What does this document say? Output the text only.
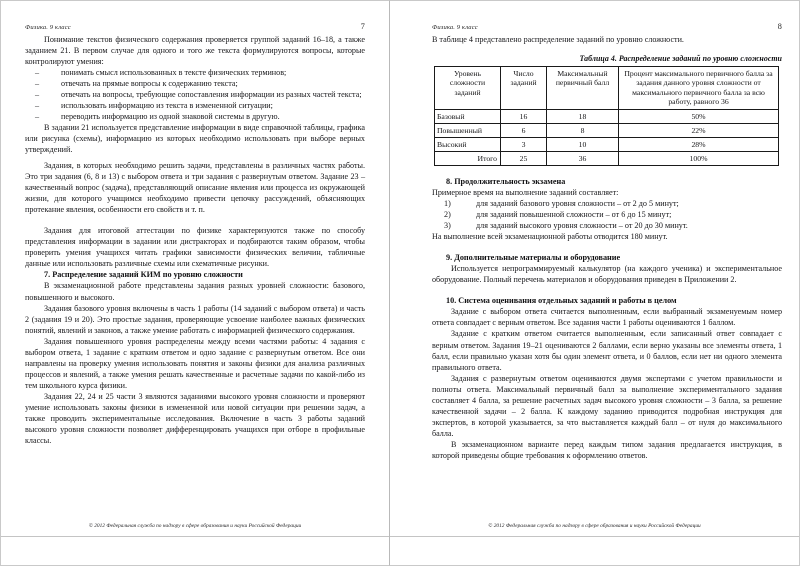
Физика. 9 класс	7

Понимание текстов физического содержания проверяется группой заданий 16–18, а также заданием 21. В первом случае для одного и того же текста формулируются вопросы, которые контролируют умения:

–	понимать смысл использованных в тексте физических терминов;
–	отвечать на прямые вопросы к содержанию текста;
–	отвечать на вопросы, требующие сопоставления информации из разных частей текста;
–	использовать информацию из текста в измененной ситуации;
–	переводить информацию из одной знаковой системы в другую.

В задании 21 используется представление информации в виде справочной таблицы, графика или рисунка (схемы), информацию из которых необходимо использовать при выборе верных утверждений.

Задания, в которых необходимо решить задачи, представлены в различных частях работы. Это три задания (6, 8 и 13) с выбором ответа и три задания с развернутым ответом. Задание 23 – качественный вопрос (задача), представляющий описание явления или процесса из окружающей жизни, для которого учащимся необходимо привести цепочку рассуждений, объясняющих протекание явления, особенности его свойств и т. п.

Задания для итоговой аттестации по физике характеризуются также по способу представления информации в задании или дистракторах и подбираются таким образом, чтобы проверить умения учащихся читать графики зависимости физических величин, табличные данные или использовать различные схемы или схематичные рисунки.

7. Распределение заданий КИМ по уровню сложности

В экзаменационной работе представлены задания разных уровней сложности: базового, повышенного и высокого.

Задания базового уровня включены в часть 1 работы (14 заданий с выбором ответа) и часть 2 (задания 19 и 20). Это простые задания, проверяющие усвоение наиболее важных физических понятий, явлений и законов, а также умение работать с информацией физического содержания.

Задания повышенного уровня распределены между всеми частями работы: 4 задания с выбором ответа, 1 задание с кратким ответом и одно задание с развернутым ответом. Все они направлены на проверку умения использовать понятия и законы физики для анализа различных процессов и явлений, а также умения решать качественные и расчетные задачи по какой-либо из тем школьного курса физики.

Задания 22, 24 и 25 части 3 являются заданиями высокого уровня сложности и проверяют умение использовать законы физики в измененной или новой ситуации при решении задач, а также проводить экспериментальные исследования. Включение в часть 3 работы заданий высокого уровня сложности позволяет дифференцировать учащихся при отборе в профильные классы.

© 2012 Федеральная служба по надзору в сфере образования и науки Российской Федерации
Физика. 9 класс	8

В таблице 4 представлено распределение заданий по уровню сложности.

Таблица 4. Распределение заданий по уровню сложности
Уровень сложности заданий	Число заданий	Максимальный первичный балл	Процент максимального первичного балла за задания данного уровня сложности от максимального первичного балла за всю работу, равного 36
Базовый	16	18	50%
Повышенный	6	8	22%
Высокий	3	10	28%
Итого	25	36	100%
8. Продолжительность экзамена

Примерное время на выполнение заданий составляет:

1)	для заданий базового уровня сложности – от 2 до 5 минут;
2)	для заданий повышенной сложности – от 6 до 15 минут;
3)	для заданий высокого уровня сложности – от 20 до 30 минут.

На выполнение всей экзаменационной работы отводится 180 минут.

9. Дополнительные материалы и оборудование

Используется непрограммируемый калькулятор (на каждого ученика) и экспериментальное оборудование. Полный перечень материалов и оборудования приведен в Приложении 2.

10. Система оценивания отдельных заданий и работы в целом

Задание с выбором ответа считается выполненным, если выбранный экзаменуемым номер ответа совпадает с верным ответом. Все задания части 1 работы оцениваются 1 баллом.

Задание с кратким ответом считается выполненным, если записанный ответ совпадает с верным ответом. Задания 19–21 оцениваются 2 баллами, если верно указаны все элементы ответа, 1 балл, если правильно указан хотя бы один элемент ответа, и 0 баллов, если нет ни одного элемента правильного ответа.

Задания с развернутым ответом оцениваются двумя экспертами с учетом правильности и полноты ответа. Максимальный первичный балл за выполнение экспериментального задания составляет 4 балла, за решение расчетных задач высокого уровня сложности – 3 балла, за решение качественной задачи – 2 балла. К каждому заданию приводится подробная инструкция для экспертов, в которой указывается, за что выставляется каждый балл – от нуля до максимального балла.

В экзаменационном варианте перед каждым типом задания предлагается инструкция, в которой приведены общие требования к оформлению ответов.

© 2012 Федеральная служба по надзору в сфере образования и науки Российской Федерации
